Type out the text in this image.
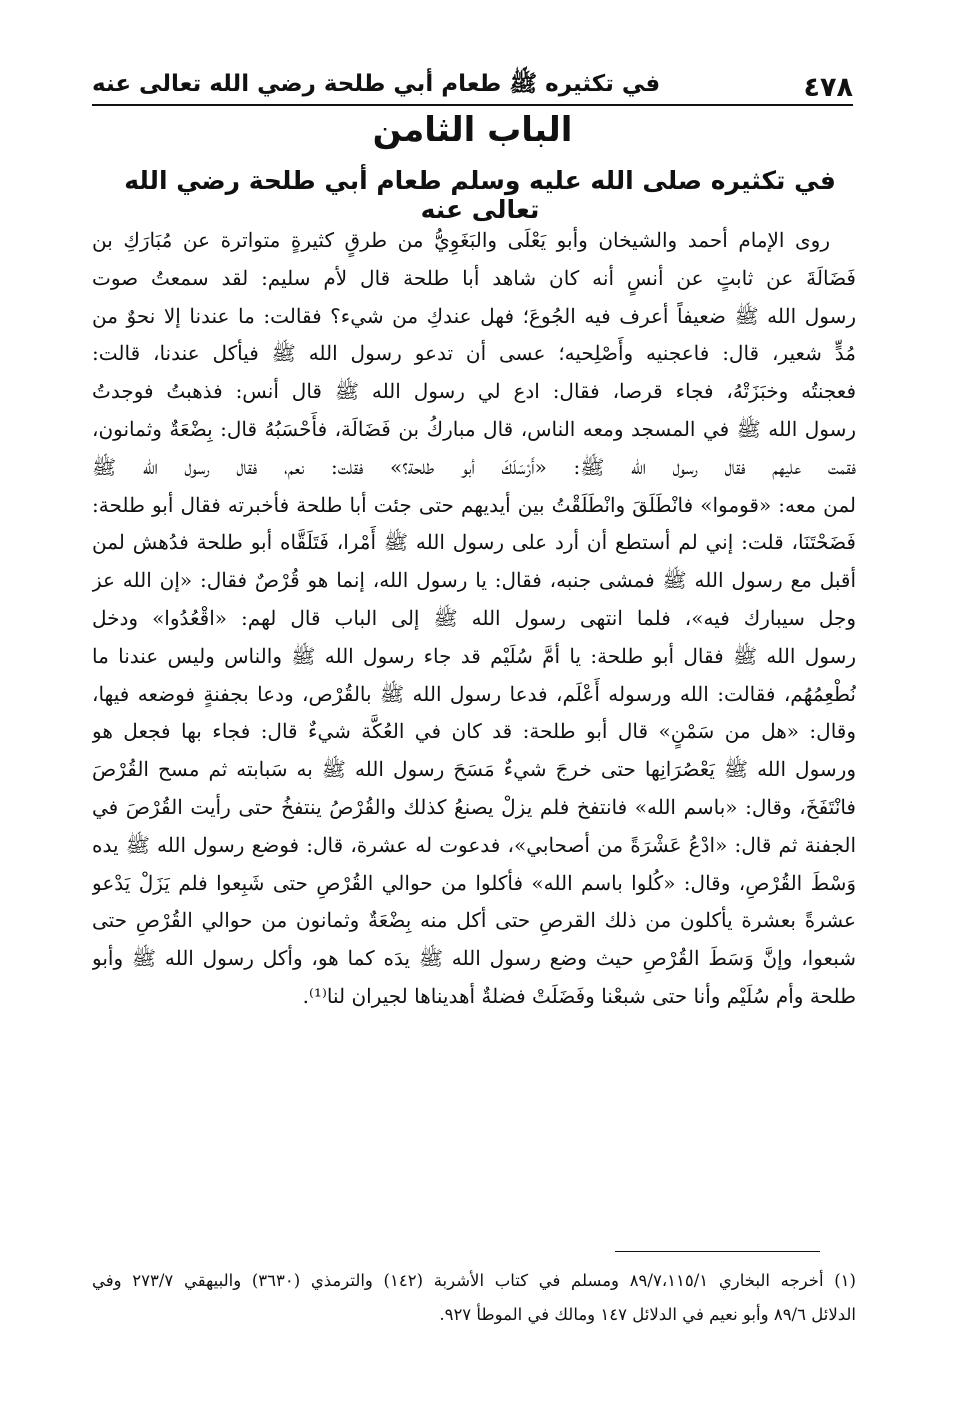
٤٧٨
في تكثيره ﷺ طعام أبي طلحة رضي الله تعالى عنه
الباب الثامن
في تكثيره صلى الله عليه وسلم طعام أبي طلحة رضي الله تعالى عنه
روى الإمام أحمد والشيخان وأبو يَعْلَى والبَغَوِيُّ من طرقٍ كثيرةٍ متواترة عن مُبَارَكِ بن
فَضَالَةَ عن ثابتٍ عن أنسٍ أنه كان شاهد أبا طلحة قال لأم سليم: لقد سمعتُ صوت
رسول الله ﷺ ضعيفاً أعرف فيه الجُوعَ؛ فهل عندكِ من شيء؟ فقالت: ما عندنا إلا نحوٌ من
مُدٍّ شعير، قال: فاعجنيه وأَصْلِحيه؛ عسى أن تدعو رسول الله ﷺ فيأكل عندنا، قالت:
فعجنتُه وخبَزَتْهُ، فجاء قرصا، فقال: ادع لي رسول الله ﷺ قال أنس: فذهبتُ فوجدتُ
رسول الله ﷺ في المسجد ومعه الناس، قال مباركُ بن فَضَالَة، فأَحْسَبُهُ قال: بِضْعَةٌ وثمانون،
فقمت عليهم فقال رسول الله ﷺ: «أَرْسَلَكَ أبو طلحة؟» فقلت: نعم، فقال رسول الله ﷺ
لمن معه: «قوموا» فانْطَلَقَ وانْطَلَقْتُ بين أيديهم حتى جئت أبا طلحة فأخبرته فقال أبو طلحة:
فَضَحْتَنَا، قلت: إني لم أستطع أن أرد على رسول الله ﷺ أَمْرا، فَتَلَقَّاه أبو طلحة فدُهش لمن
أقبل مع رسول الله ﷺ فمشى جنبه، فقال: يا رسول الله، إنما هو قُرْصٌ فقال: «إن الله عز
وجل سيبارك فيه»، فلما انتهى رسول الله ﷺ إلى الباب قال لهم: «اقْعُدُوا» ودخل
رسول الله ﷺ فقال أبو طلحة: يا أمَّ سُلَيْم قد جاء رسول الله ﷺ والناس وليس عندنا ما
نُطْعِمُهُم، فقالت: الله ورسوله أَعْلَم، فدعا رسول الله ﷺ بالقُرْص، ودعا بجفنةٍ فوضعه فيها،
وقال: «هل من سَمْنٍ» قال أبو طلحة: قد كان في العُكَّة شيءٌ قال: فجاء بها فجعل هو
ورسول الله ﷺ يَعْصُرَانِها حتى خرجَ شيءٌ مَسَحَ رسول الله ﷺ به سَبابته ثم مسح القُرْصَ
فانْتَفَخَ، وقال: «باسم الله» فانتفخ فلم يزلْ يصنعُ كذلك والقُرْصُ ينتفخُ حتى رأيت القُرْصَ في
الجفنة ثم قال: «ادْعُ عَشْرَةً من أصحابي»، فدعوت له عشرة، قال: فوضع رسول الله ﷺ يده
وَسْطَ القُرْصِ، وقال: «كُلوا باسم الله» فأكلوا من حوالي القُرْصِ حتى شَبِعوا فلم يَزَلْ يَدْعو
عشرةً بعشرة يأكلون من ذلك القرصِ حتى أكل منه بِضْعَةٌ وثمانون من حوالي القُرْصِ حتى
شبعوا، وإنَّ وَسَطَ القُرْصِ حيث وضع رسول الله ﷺ يدَه كما هو، وأكل رسول الله ﷺ وأبو
طلحة وأم سُلَيْم وأنا حتى شبعْنا وفَضَلَتْ فضلةٌ أهديناها لجيران لنا⁽¹⁾.
(١) أخرجه البخاري ٨٩/٧،١١٥/١ ومسلم في كتاب الأشربة (١٤٢) والترمذي (٣٦٣٠) والبيهقي ٢٧٣/٧ وفي
الدلائل ٨٩/٦ وأبو نعيم في الدلائل ١٤٧ ومالك في الموطأ ٩٢٧.
